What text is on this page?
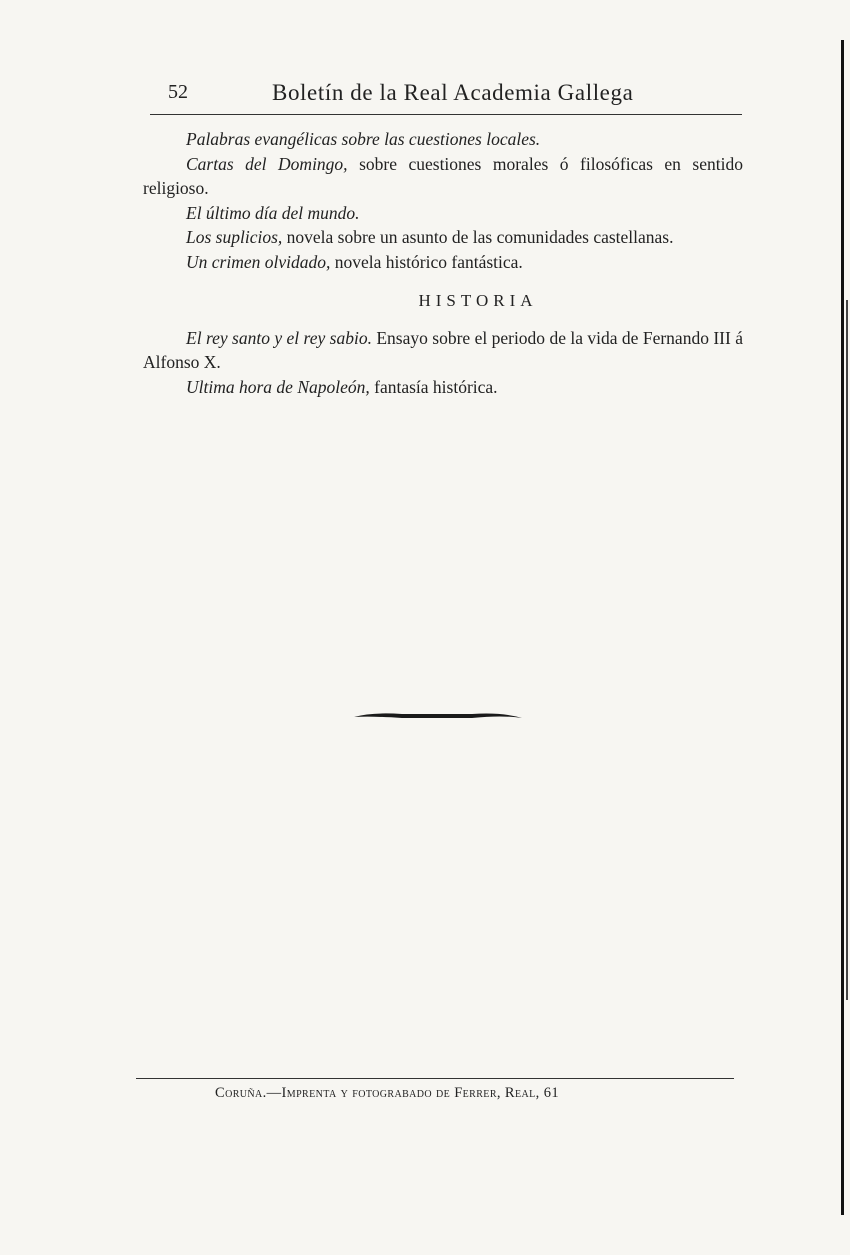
52	Boletín de la Real Academia Gallega

Palabras evangélicas sobre las cuestiones locales.

Cartas del Domingo, sobre cuestiones morales ó filosóficas en sentido religioso.

El último día del mundo.

Los suplicios, novela sobre un asunto de las comunidades castellanas.

Un crimen olvidado, novela histórico fantástica.

HISTORIA

El rey santo y el rey sabio. Ensayo sobre el periodo de la vida de Fernando III á Alfonso X.

Ultima hora de Napoleón, fantasía histórica.

Coruña.—Imprenta y fotograbado de Ferrer, Real, 61
